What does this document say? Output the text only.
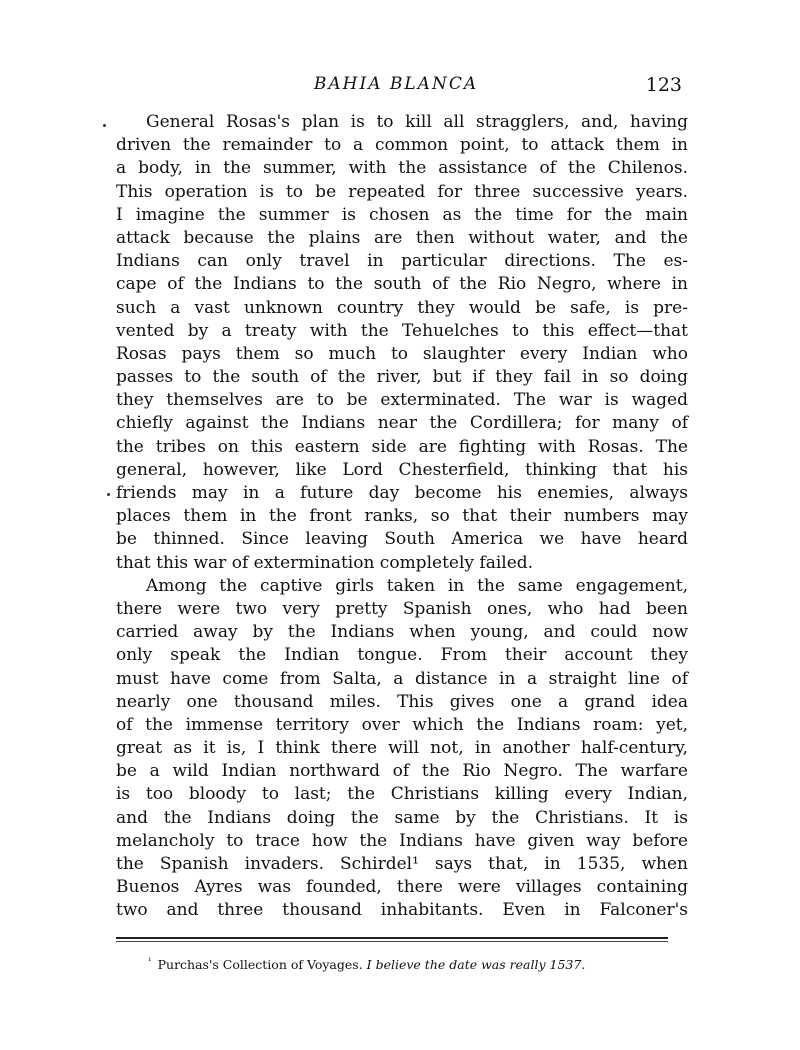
BAHIA BLANCA	123
General Rosas's plan is to kill all stragglers, and, having
driven the remainder to a common point, to attack them in
a body, in the summer, with the assistance of the Chilenos.
This operation is to be repeated for three successive years.
I imagine the summer is chosen as the time for the main
attack because the plains are then without water, and the
Indians can only travel in particular directions. The es-
cape of the Indians to the south of the Rio Negro, where in
such a vast unknown country they would be safe, is pre-
vented by a treaty with the Tehuelches to this effect—that
Rosas pays them so much to slaughter every Indian who
passes to the south of the river, but if they fail in so doing
they themselves are to be exterminated. The war is waged
chiefly against the Indians near the Cordillera; for many of
the tribes on this eastern side are fighting with Rosas. The
general, however, like Lord Chesterfield, thinking that his
friends may in a future day become his enemies, always
places them in the front ranks, so that their numbers may
be thinned. Since leaving South America we have heard
that this war of extermination completely failed.
Among the captive girls taken in the same engagement,
there were two very pretty Spanish ones, who had been
carried away by the Indians when young, and could now
only speak the Indian tongue. From their account they
must have come from Salta, a distance in a straight line of
nearly one thousand miles. This gives one a grand idea
of the immense territory over which the Indians roam: yet,
great as it is, I think there will not, in another half-century,
be a wild Indian northward of the Rio Negro. The warfare
is too bloody to last; the Christians killing every Indian,
and the Indians doing the same by the Christians. It is
melancholy to trace how the Indians have given way before
the Spanish invaders. Schirdel¹ says that, in 1535, when
Buenos Ayres was founded, there were villages containing
two and three thousand inhabitants. Even in Falconer's
$^{^1}$ Purchas's Collection of Voyages. I believe the date was really 1537.
